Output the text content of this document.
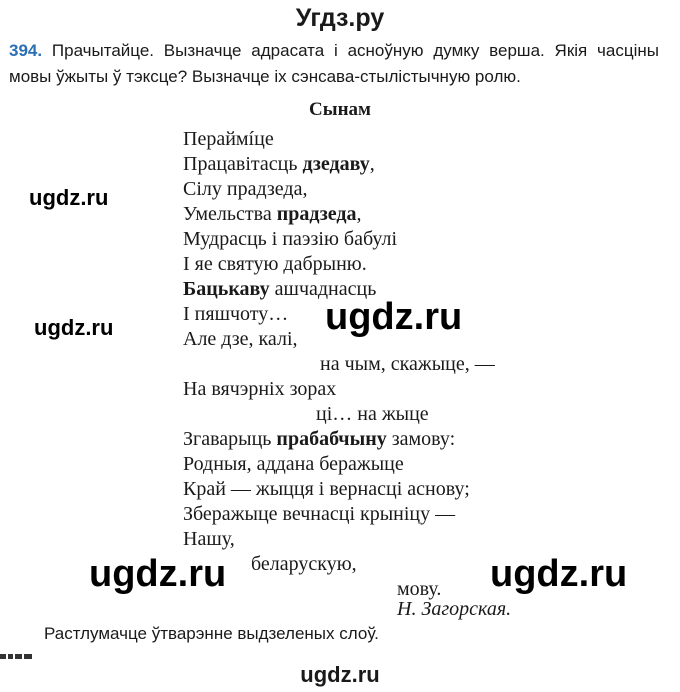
Угдз.ру
394. Прачытайце. Вызначце адрасата і асноўную думку верша. Якія часціны мовы ўжыты ў тэксце? Вызначце іх сэнсава-стылістычную ролю.
Сынам
Пераймíце
Працавітасць дзедаву,
Сілу прадзеда,
Умельства прадзеда,
Мудрасць і паэзію бабулі
І яе святую дабрыню.
Бацькаву ашчаднасць
І пяшчоту…
Але дзе, калі,
на чым, скажыце, —
На вячэрніх зорах
ці… на жыце
Згаварыць прабабчыну замову:
Родныя, аддана беражыце
Край — жыцця і вернасці аснову;
Зберажыце вечнасці крыніцу —
Нашу,
беларускую,
мову.
Н. Загорская.
Растлумачце ўтварэнне выдзеленых слоў.
ugdz.ru
ugdz.ru	ugdz.ru
ugdz.ru	ugdz.ru
ugdz.ru
